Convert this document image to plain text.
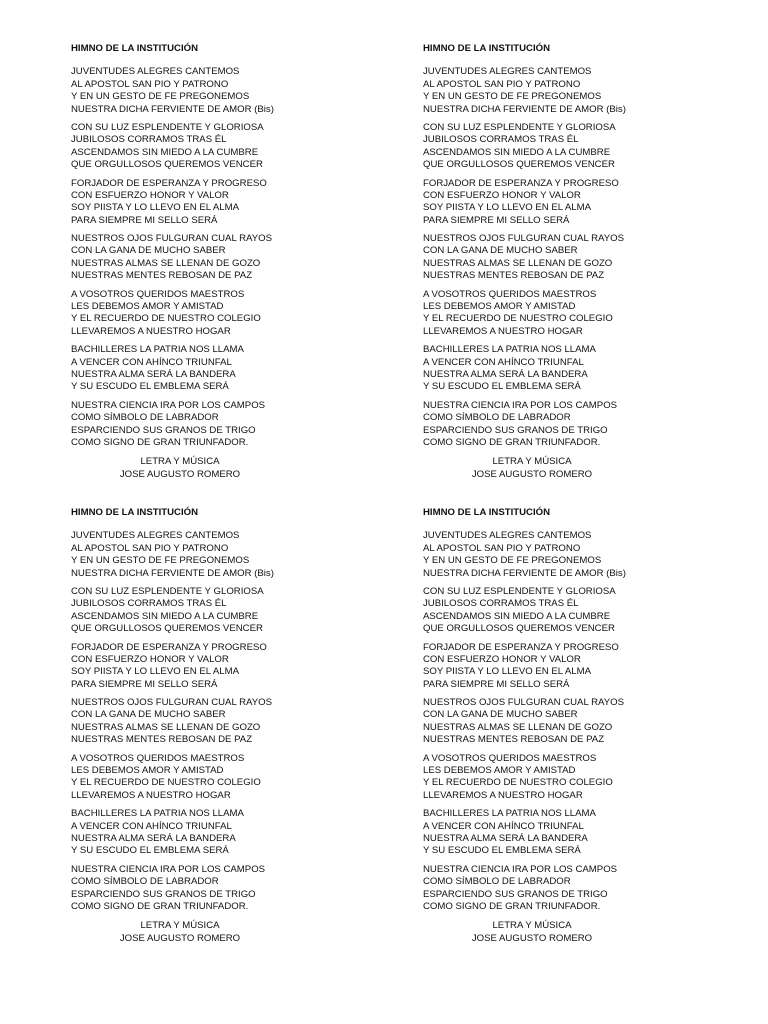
HIMNO DE LA INSTITUCIÓN
JUVENTUDES ALEGRES CANTEMOS
AL APOSTOL SAN PIO Y PATRONO
Y EN UN GESTO DE FE PREGONEMOS
NUESTRA DICHA FERVIENTE DE AMOR (Bis)
CON SU LUZ ESPLENDENTE Y GLORIOSA
JUBILOSOS CORRAMOS TRAS ÉL
ASCENDAMOS SIN MIEDO A LA CUMBRE
QUE ORGULLOSOS QUEREMOS VENCER
FORJADOR DE ESPERANZA Y PROGRESO
CON ESFUERZO HONOR Y VALOR
SOY PIISTA Y LO LLEVO EN EL ALMA
PARA SIEMPRE MI SELLO SERÁ
NUESTROS OJOS FULGURAN CUAL RAYOS
CON LA GANA DE MUCHO SABER
NUESTRAS ALMAS SE LLENAN DE GOZO
NUESTRAS MENTES REBOSAN DE PAZ
A VOSOTROS QUERIDOS MAESTROS
LES DEBEMOS AMOR Y AMISTAD
Y EL RECUERDO DE NUESTRO COLEGIO
LLEVAREMOS A NUESTRO HOGAR
BACHILLERES LA PATRIA NOS LLAMA
A VENCER CON AHÍNCO TRIUNFAL
NUESTRA ALMA SERÁ LA BANDERA
Y SU ESCUDO EL EMBLEMA SERÁ
NUESTRA CIENCIA IRA POR LOS CAMPOS
COMO SÍMBOLO DE LABRADOR
ESPARCIENDO SUS GRANOS DE TRIGO
COMO SIGNO DE GRAN TRIUNFADOR.
LETRA Y MÚSICA
JOSE AUGUSTO ROMERO
HIMNO DE LA INSTITUCIÓN
JUVENTUDES ALEGRES CANTEMOS
AL APOSTOL SAN PIO Y PATRONO
Y EN UN GESTO DE FE PREGONEMOS
NUESTRA DICHA FERVIENTE DE AMOR (Bis)
CON SU LUZ ESPLENDENTE Y GLORIOSA
JUBILOSOS CORRAMOS TRAS ÉL
ASCENDAMOS SIN MIEDO A LA CUMBRE
QUE ORGULLOSOS QUEREMOS VENCER
FORJADOR DE ESPERANZA Y PROGRESO
CON ESFUERZO HONOR Y VALOR
SOY PIISTA Y LO LLEVO EN EL ALMA
PARA SIEMPRE MI SELLO SERÁ
NUESTROS OJOS FULGURAN CUAL RAYOS
CON LA GANA DE MUCHO SABER
NUESTRAS ALMAS SE LLENAN DE GOZO
NUESTRAS MENTES REBOSAN DE PAZ
A VOSOTROS QUERIDOS MAESTROS
LES DEBEMOS AMOR Y AMISTAD
Y EL RECUERDO DE NUESTRO COLEGIO
LLEVAREMOS A NUESTRO HOGAR
BACHILLERES LA PATRIA NOS LLAMA
A VENCER CON AHÍNCO TRIUNFAL
NUESTRA ALMA SERÁ LA BANDERA
Y SU ESCUDO EL EMBLEMA SERÁ
NUESTRA CIENCIA IRA POR LOS CAMPOS
COMO SÍMBOLO DE LABRADOR
ESPARCIENDO SUS GRANOS DE TRIGO
COMO SIGNO DE GRAN TRIUNFADOR.
LETRA Y MÚSICA
JOSE AUGUSTO ROMERO
HIMNO DE LA INSTITUCIÓN
JUVENTUDES ALEGRES CANTEMOS
AL APOSTOL SAN PIO Y PATRONO
Y EN UN GESTO DE FE PREGONEMOS
NUESTRA DICHA FERVIENTE DE AMOR (Bis)
CON SU LUZ ESPLENDENTE Y GLORIOSA
JUBILOSOS CORRAMOS TRAS ÉL
ASCENDAMOS SIN MIEDO A LA CUMBRE
QUE ORGULLOSOS QUEREMOS VENCER
FORJADOR DE ESPERANZA Y PROGRESO
CON ESFUERZO HONOR Y VALOR
SOY PIISTA Y LO LLEVO EN EL ALMA
PARA SIEMPRE MI SELLO SERÁ
NUESTROS OJOS FULGURAN CUAL RAYOS
CON LA GANA DE MUCHO SABER
NUESTRAS ALMAS SE LLENAN DE GOZO
NUESTRAS MENTES REBOSAN DE PAZ
A VOSOTROS QUERIDOS MAESTROS
LES DEBEMOS AMOR Y AMISTAD
Y EL RECUERDO DE NUESTRO COLEGIO
LLEVAREMOS A NUESTRO HOGAR
BACHILLERES LA PATRIA NOS LLAMA
A VENCER CON AHÍNCO TRIUNFAL
NUESTRA ALMA SERÁ LA BANDERA
Y SU ESCUDO EL EMBLEMA SERÁ
NUESTRA CIENCIA IRA POR LOS CAMPOS
COMO SÍMBOLO DE LABRADOR
ESPARCIENDO SUS GRANOS DE TRIGO
COMO SIGNO DE GRAN TRIUNFADOR.
LETRA Y MÚSICA
JOSE AUGUSTO ROMERO
HIMNO DE LA INSTITUCIÓN
JUVENTUDES ALEGRES CANTEMOS
AL APOSTOL SAN PIO Y PATRONO
Y EN UN GESTO DE FE PREGONEMOS
NUESTRA DICHA FERVIENTE DE AMOR (Bis)
CON SU LUZ ESPLENDENTE Y GLORIOSA
JUBILOSOS CORRAMOS TRAS ÉL
ASCENDAMOS SIN MIEDO A LA CUMBRE
QUE ORGULLOSOS QUEREMOS VENCER
FORJADOR DE ESPERANZA Y PROGRESO
CON ESFUERZO HONOR Y VALOR
SOY PIISTA Y LO LLEVO EN EL ALMA
PARA SIEMPRE MI SELLO SERÁ
NUESTROS OJOS FULGURAN CUAL RAYOS
CON LA GANA DE MUCHO SABER
NUESTRAS ALMAS SE LLENAN DE GOZO
NUESTRAS MENTES REBOSAN DE PAZ
A VOSOTROS QUERIDOS MAESTROS
LES DEBEMOS AMOR Y AMISTAD
Y EL RECUERDO DE NUESTRO COLEGIO
LLEVAREMOS A NUESTRO HOGAR
BACHILLERES LA PATRIA NOS LLAMA
A VENCER CON AHÍNCO TRIUNFAL
NUESTRA ALMA SERÁ LA BANDERA
Y SU ESCUDO EL EMBLEMA SERÁ
NUESTRA CIENCIA IRA POR LOS CAMPOS
COMO SÍMBOLO DE LABRADOR
ESPARCIENDO SUS GRANOS DE TRIGO
COMO SIGNO DE GRAN TRIUNFADOR.
LETRA Y MÚSICA
JOSE AUGUSTO ROMERO
